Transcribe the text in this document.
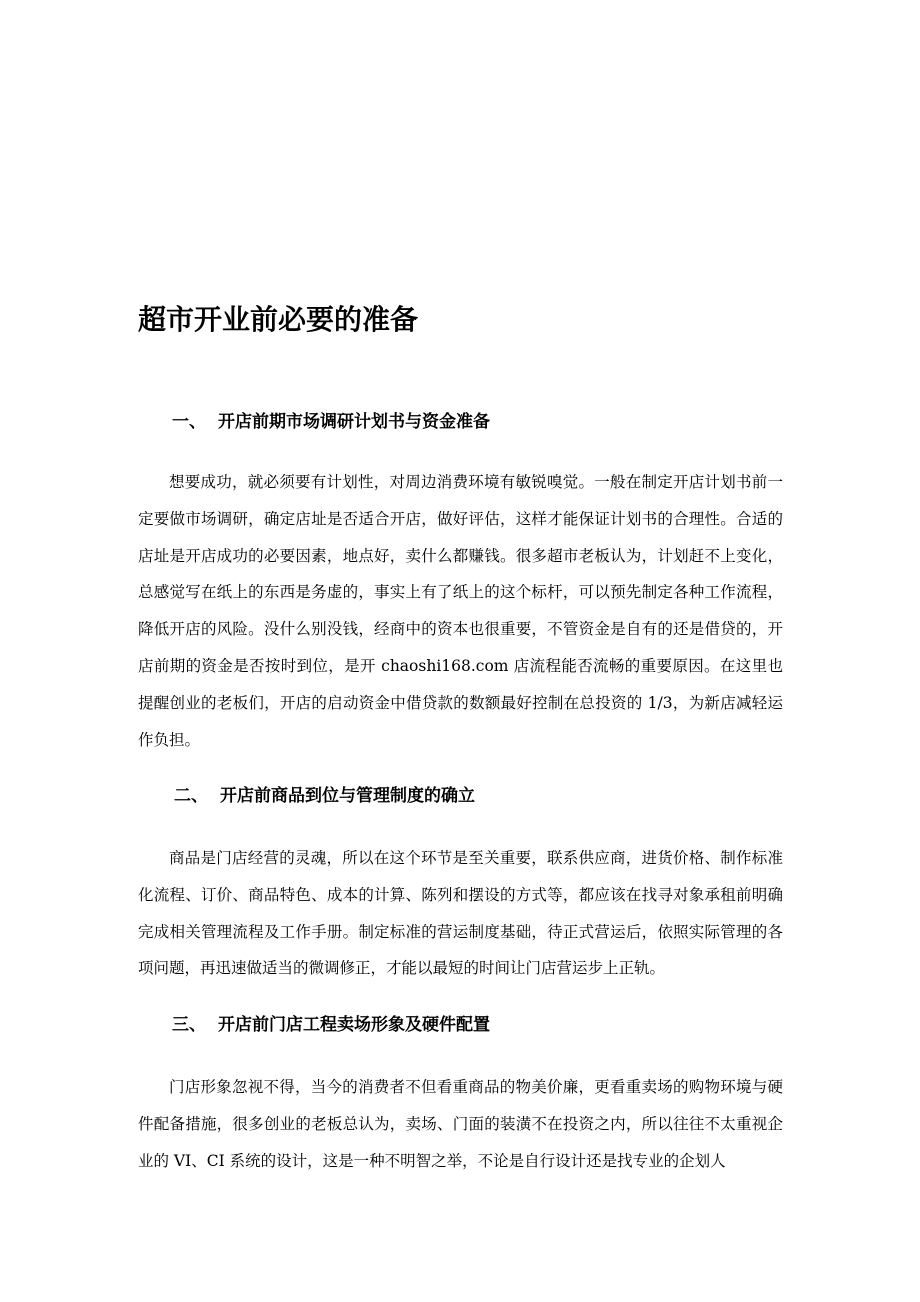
超市开业前必要的准备
一、 开店前期市场调研计划书与资金准备

想要成功，就必须要有计划性，对周边消费环境有敏锐嗅觉。一般在制定开店计划书前一定要做市场调研，确定店址是否适合开店，做好评估，这样才能保证计划书的合理性。合适的店址是开店成功的必要因素，地点好，卖什么都赚钱。很多超市老板认为，计划赶不上变化，总感觉写在纸上的东西是务虚的，事实上有了纸上的这个标杆，可以预先制定各种工作流程，降低开店的风险。没什么别没钱，经商中的资本也很重要，不管资金是自有的还是借贷的，开店前期的资金是否按时到位，是开 chaoshi168.com 店流程能否流畅的重要原因。在这里也提醒创业的老板们，开店的启动资金中借贷款的数额最好控制在总投资的 1/3，为新店减轻运作负担。

二、 开店前商品到位与管理制度的确立

商品是门店经营的灵魂，所以在这个环节是至关重要，联系供应商，进货价格、制作标准化流程、订价、商品特色、成本的计算、陈列和摆设的方式等，都应该在找寻对象承租前明确完成相关管理流程及工作手册。制定标准的营运制度基础，待正式营运后，依照实际管理的各项问题，再迅速做适当的微调修正，才能以最短的时间让门店营运步上正轨。

三、 开店前门店工程卖场形象及硬件配置

门店形象忽视不得，当今的消费者不但看重商品的物美价廉，更看重卖场的购物环境与硬件配备措施，很多创业的老板总认为，卖场、门面的装潢不在投资之内，所以往往不太重视企业的 VI、CI 系统的设计，这是一种不明智之举，不论是自行设计还是找专业的企划人
